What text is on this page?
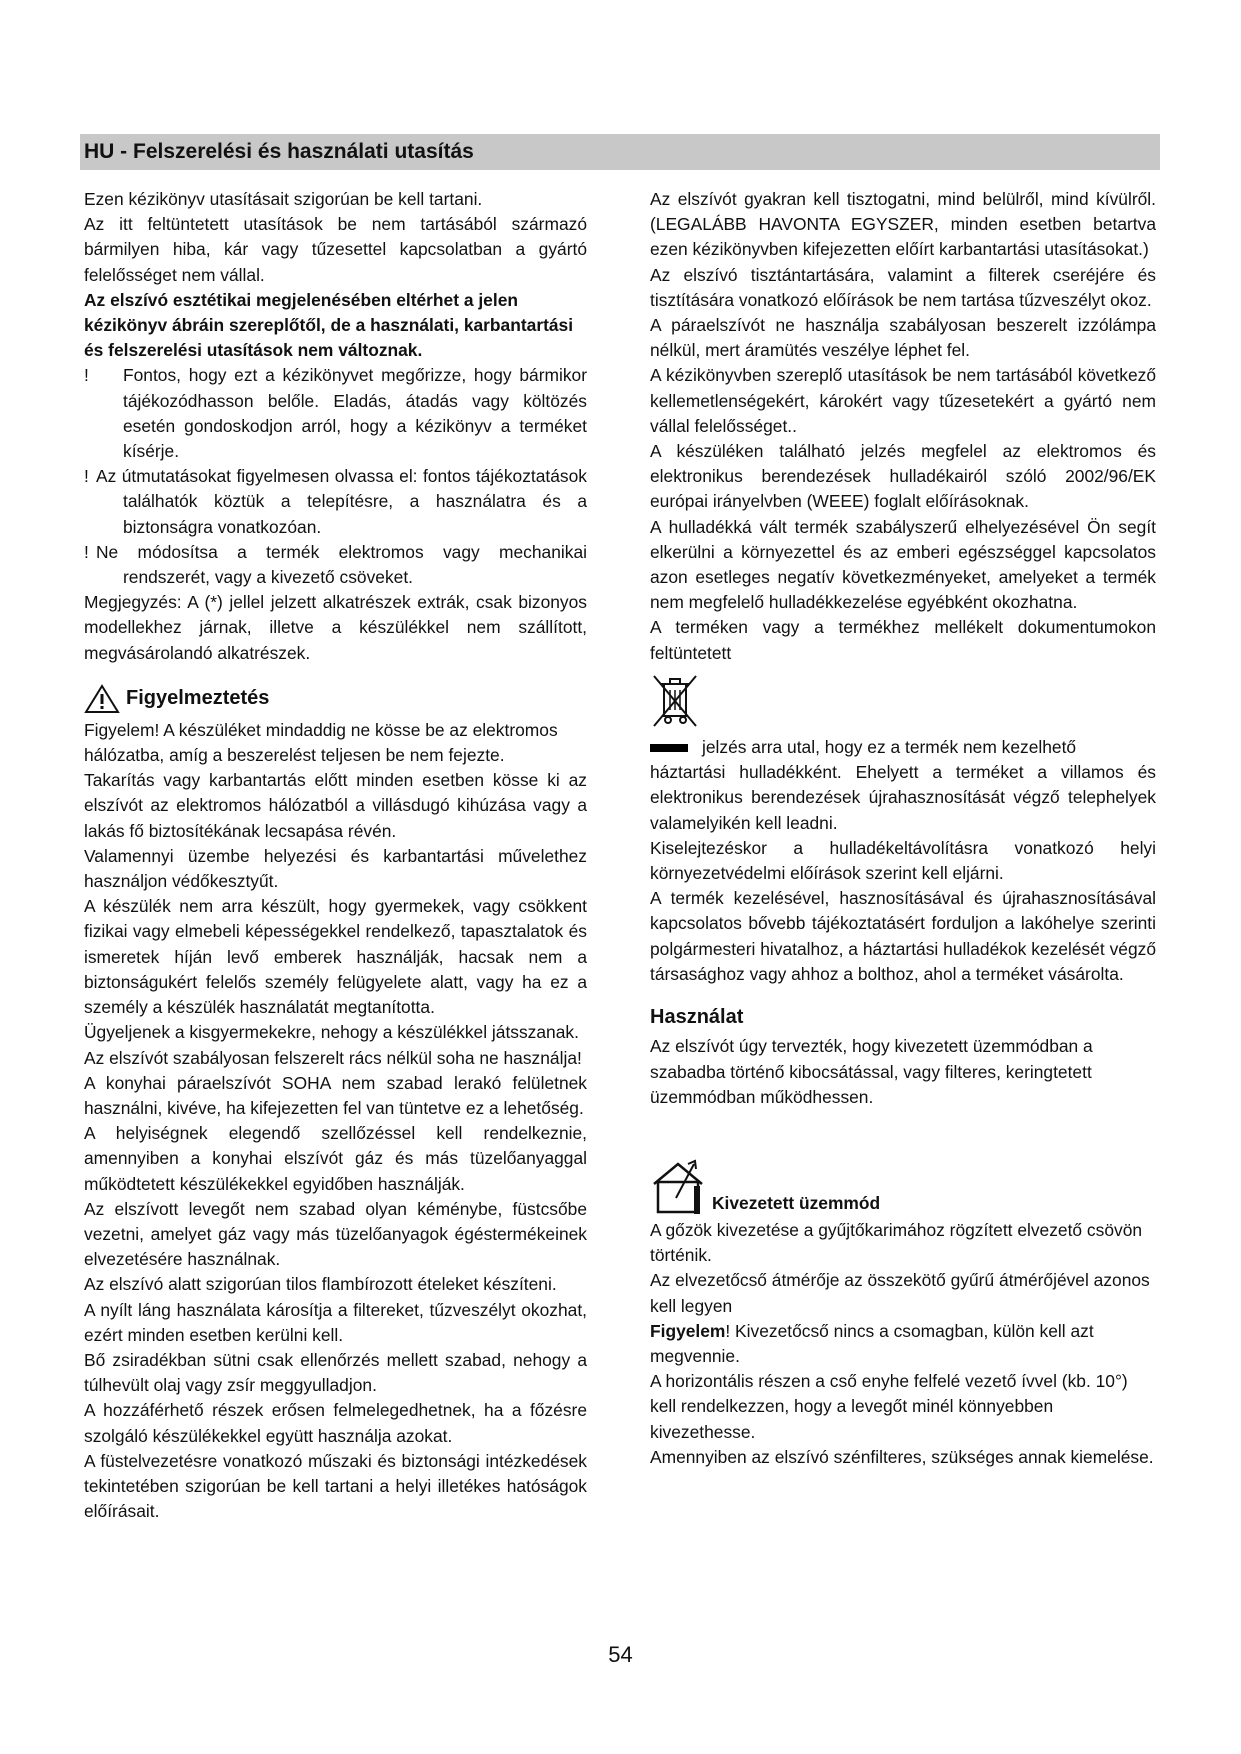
HU - Felszerelési és használati utasítás

Ezen kézikönyv utasításait szigorúan be kell tartani.

Az itt feltüntetett utasítások be nem tartásából származó bármilyen hiba, kár vagy tűzesettel kapcsolatban a gyártó felelősséget nem vállal.

Az elszívó esztétikai megjelenésében eltérhet a jelen kézikönyv ábráin szereplőtől, de a használati, karbantartási és felszerelési utasítások nem változnak.

!	Fontos, hogy ezt a kézikönyvet megőrizze, hogy bármikor tájékozódhasson belőle. Eladás, átadás vagy költözés esetén gondoskodjon arról, hogy a kézikönyv a terméket kísérje.
! Az útmutatásokat figyelmesen olvassa el: fontos tájékoztatások találhatók köztük a telepítésre, a használatra és a biztonságra vonatkozóan.
! Ne módosítsa a termék elektromos vagy mechanikai rendszerét, vagy a kivezető csöveket.

Megjegyzés: A (*) jellel jelzett alkatrészek extrák, csak bizonyos modellekhez járnak, illetve a készülékkel nem szállított, megvásárolandó alkatrészek.

Figyelmeztetés

Figyelem! A készüléket mindaddig ne kösse be az elektromos hálózatba, amíg a beszerelést teljesen be nem fejezte.

Takarítás vagy karbantartás előtt minden esetben kösse ki az elszívót az elektromos hálózatból a villásdugó kihúzása vagy a lakás fő biztosítékának lecsapása révén.

Valamennyi üzembe helyezési és karbantartási művelethez használjon védőkesztyűt.

A készülék nem arra készült, hogy gyermekek, vagy csökkent fizikai vagy elmebeli képességekkel rendelkező, tapasztalatok és ismeretek híján levő emberek használják, hacsak nem a biztonságukért felelős személy felügyelete alatt, vagy ha ez a személy a készülék használatát megtanította.

Ügyeljenek a kisgyermekekre, nehogy a készülékkel játsszanak.

Az elszívót szabályosan felszerelt rács nélkül soha ne használja!

A konyhai páraelszívót SOHA nem szabad lerakó felületnek használni, kivéve, ha kifejezetten fel van tüntetve ez a lehetőség.

A helyiségnek elegendő szellőzéssel kell rendelkeznie, amennyiben a konyhai elszívót gáz és más tüzelőanyaggal működtetett készülékekkel egyidőben használják.

Az elszívott levegőt nem szabad olyan kéménybe, füstcsőbe vezetni, amelyet gáz vagy más tüzelőanyagok égéstermékeinek elvezetésére használnak.

Az elszívó alatt szigorúan tilos flambírozott ételeket készíteni.

A nyílt láng használata károsítja a filtereket, tűzveszélyt okozhat, ezért minden esetben kerülni kell.

Bő zsiradékban sütni csak ellenőrzés mellett szabad, nehogy a túlhevült olaj vagy zsír meggyulladjon.

A hozzáférhető részek erősen felmelegedhetnek, ha a főzésre szolgáló készülékekkel együtt használja azokat.

A füstelvezetésre vonatkozó műszaki és biztonsági intézkedések tekintetében szigorúan be kell tartani a helyi illetékes hatóságok előírásait.

Az elszívót gyakran kell tisztogatni, mind belülről, mind kívülről. (LEGALÁBB HAVONTA EGYSZER, minden esetben betartva ezen kézikönyvben kifejezetten előírt karbantartási utasításokat.)

Az elszívó tisztántartására, valamint a filterek cseréjére és tisztítására vonatkozó előírások be nem tartása tűzveszélyt okoz.

A páraelszívót ne használja szabályosan beszerelt izzólámpa nélkül, mert áramütés veszélye léphet fel.

A kézikönyvben szereplő utasítások be nem tartásából következő kellemetlenségekért, károkért vagy tűzesetekért a gyártó nem vállal felelősséget..

A készüléken található jelzés megfelel az elektromos és elektronikus berendezések hulladékairól szóló 2002/96/EK európai irányelvben (WEEE) foglalt előírásoknak.

A hulladékká vált termék szabályszerű elhelyezésével Ön segít elkerülni a környezettel és az emberi egészséggel kapcsolatos azon esetleges negatív következményeket, amelyeket a termék nem megfelelő hulladékkezelése egyébként okozhatna.

A terméken vagy a termékhez mellékelt dokumentumokon feltüntetett

jelzés arra utal, hogy ez a termék nem kezelhető

háztartási hulladékként. Ehelyett a terméket a villamos és elektronikus berendezések újrahasznosítását végző telephelyek valamelyikén kell leadni.

Kiselejtezéskor a hulladékeltávolításra vonatkozó helyi környezetvédelmi előírások szerint kell eljárni.

A termék kezelésével, hasznosításával és újrahasznosításával kapcsolatos bővebb tájékoztatásért forduljon a lakóhelye szerinti polgármesteri hivatalhoz, a háztartási hulladékok kezelését végző társasághoz vagy ahhoz a bolthoz, ahol a terméket vásárolta.

Használat

Az elszívót úgy tervezték, hogy kivezetett üzemmódban a szabadba történő kibocsátással, vagy filteres, keringtetett üzemmódban működhessen.

Kivezetett üzemmód

A gőzök kivezetése a gyűjtőkarimához rögzített elvezető csövön történik.

Az elvezetőcső átmérője az összekötő gyűrű átmérőjével azonos kell legyen

Figyelem! Kivezetőcső nincs a csomagban, külön kell azt megvennie.

A horizontális részen a cső enyhe felfelé vezető ívvel (kb. 10°) kell rendelkezzen, hogy a levegőt minél könnyebben kivezethesse.

Amennyiben az elszívó szénfilteres, szükséges annak kiemelése.

54
